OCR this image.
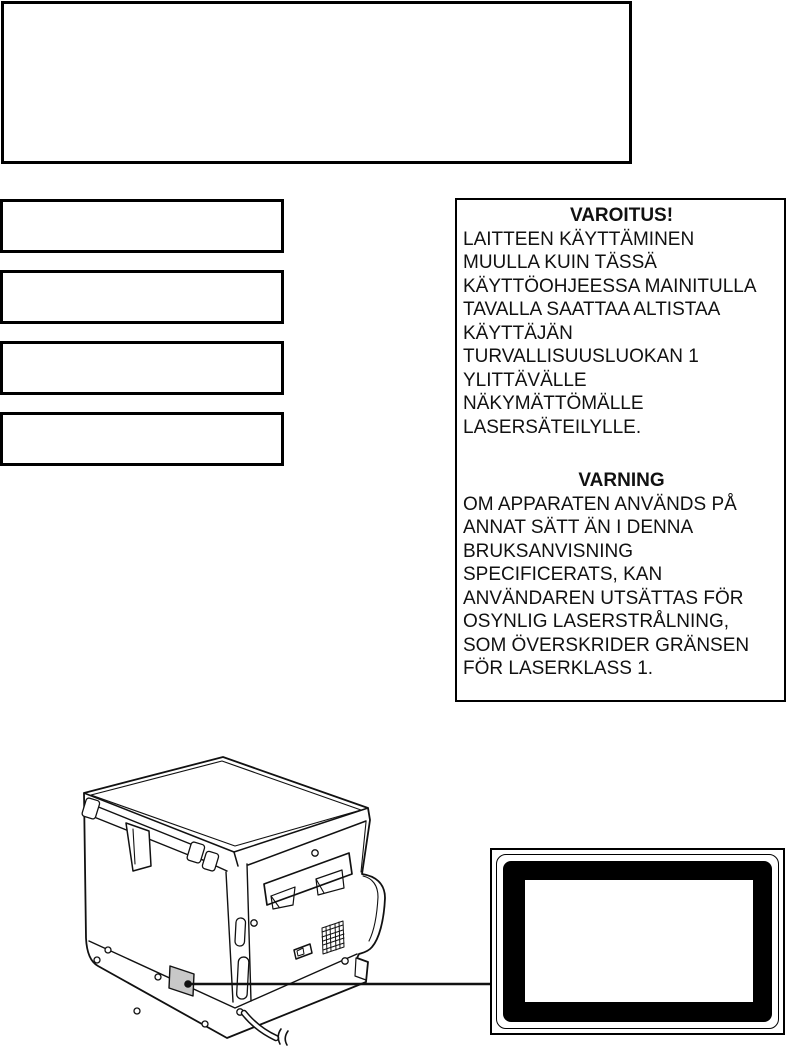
VAROITUS!
LAITTEEN KÄYTTÄMINEN
MUULLA KUIN TÄSSÄ
KÄYTTÖOHJEESSA MAINITULLA
TAVALLA SAATTAA ALTISTAA
KÄYTTÄJÄN
TURVALLISUUSLUOKAN 1
YLITTÄVÄLLE
NÄKYMÄTTÖMÄLLE
LASERSÄTEILYLLE.
VARNING
OM APPARATEN ANVÄNDS PÅ
ANNAT SÄTT ÄN I DENNA
BRUKSANVISNING
SPECIFICERATS, KAN
ANVÄNDAREN UTSÄTTAS FÖR
OSYNLIG LASERSTRÅLNING,
SOM ÖVERSKRIDER GRÄNSEN
FÖR LASERKLASS 1.
